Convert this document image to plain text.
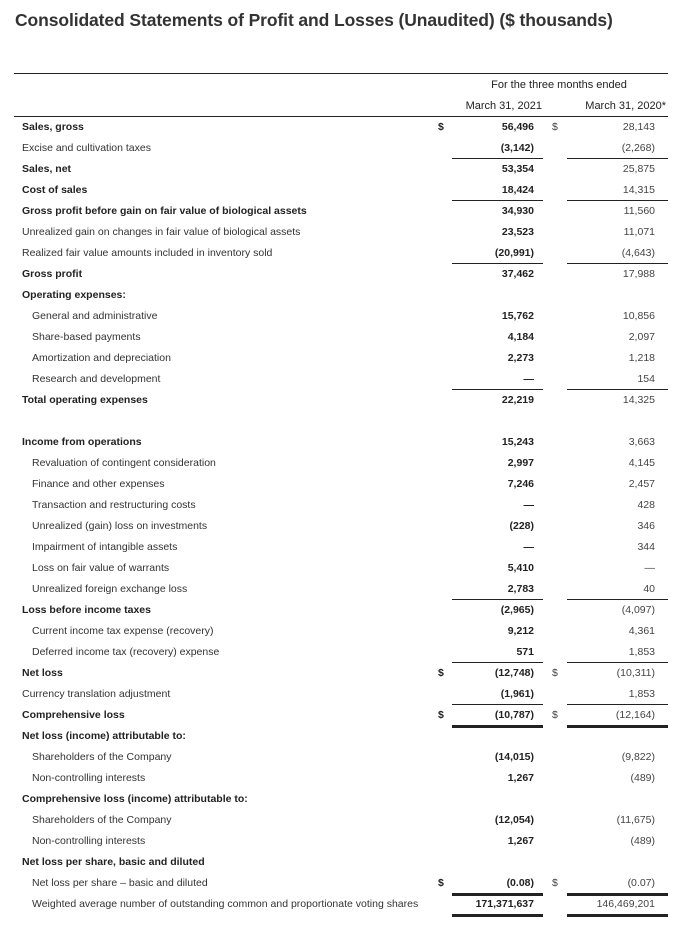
Consolidated Statements of Profit and Losses (Unaudited) ($ thousands)
For the three months ended
March 31, 2021	March 31, 2020*
Sales, gross	$	56,496 $	28,143
Excise and cultivation taxes	(3,142)	(2,268)
Sales, net	53,354	25,875
Cost of sales	18,424	14,315
Gross profit before gain on fair value of biological assets	34,930	11,560
Unrealized gain on changes in fair value of biological assets	23,523	11,071
Realized fair value amounts included in inventory sold	(20,991)	(4,643)
Gross profit	37,462	17,988
Operating expenses:
General and administrative	15,762	10,856
Share-based payments	4,184	2,097
Amortization and depreciation	2,273	1,218
Research and development	—	154
Total operating expenses	22,219	14,325
Income from operations	15,243	3,663
Revaluation of contingent consideration	2,997	4,145
Finance and other expenses	7,246	2,457
Transaction and restructuring costs	—	428
Unrealized (gain) loss on investments	(228)	346
Impairment of intangible assets	—	344
Loss on fair value of warrants	5,410	—
Unrealized foreign exchange loss	2,783	40
Loss before income taxes	(2,965)	(4,097)
Current income tax expense (recovery)	9,212	4,361
Deferred income tax (recovery) expense	571	1,853
Net loss	$	(12,748) $	(10,311)
Currency translation adjustment	(1,961)	1,853
Comprehensive loss	$	(10,787) $	(12,164)
Net loss (income) attributable to:
Shareholders of the Company	(14,015)	(9,822)
Non-controlling interests	1,267	(489)
Comprehensive loss (income) attributable to:
Shareholders of the Company	(12,054)	(11,675)
Non-controlling interests	1,267	(489)
Net loss per share, basic and diluted
Net loss per share – basic and diluted	$	(0.08) $	(0.07)
Weighted average number of outstanding common and proportionate voting shares	171,371,637	146,469,201
